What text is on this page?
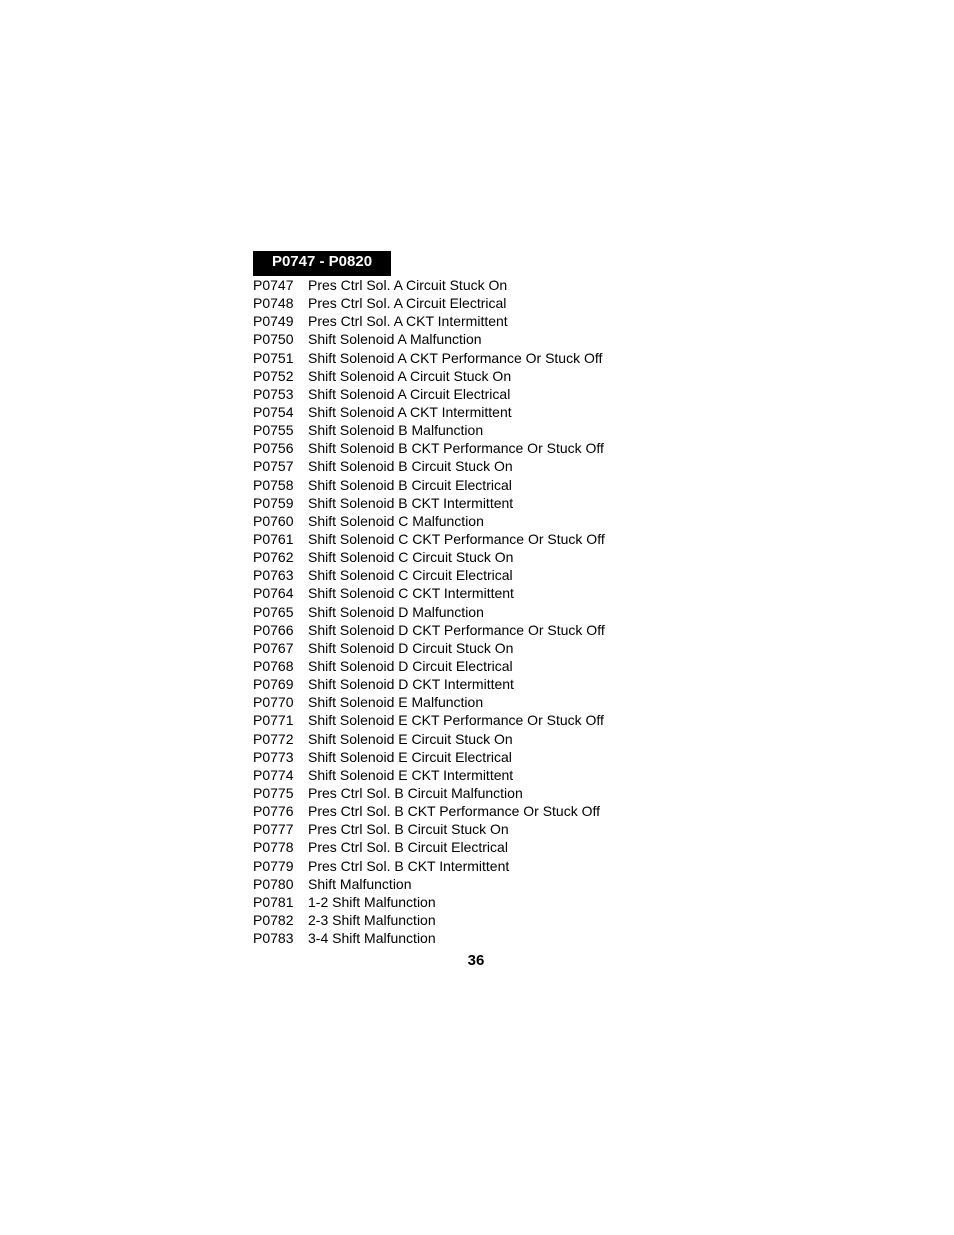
P0747 - P0820
P0747	Pres Ctrl Sol. A Circuit Stuck On
P0748	Pres Ctrl Sol. A Circuit Electrical
P0749	Pres Ctrl Sol. A CKT Intermittent
P0750	Shift Solenoid A Malfunction
P0751	Shift Solenoid A CKT Performance Or Stuck Off
P0752	Shift Solenoid A Circuit Stuck On
P0753	Shift Solenoid A Circuit Electrical
P0754	Shift Solenoid A CKT Intermittent
P0755	Shift Solenoid B Malfunction
P0756	Shift Solenoid B CKT Performance Or Stuck Off
P0757	Shift Solenoid B Circuit Stuck On
P0758	Shift Solenoid B Circuit Electrical
P0759	Shift Solenoid B CKT Intermittent
P0760	Shift Solenoid C Malfunction
P0761	Shift Solenoid C CKT Performance Or Stuck Off
P0762	Shift Solenoid C Circuit Stuck On
P0763	Shift Solenoid C Circuit Electrical
P0764	Shift Solenoid C CKT Intermittent
P0765	Shift Solenoid D Malfunction
P0766	Shift Solenoid D CKT Performance Or Stuck Off
P0767	Shift Solenoid D Circuit Stuck On
P0768	Shift Solenoid D Circuit Electrical
P0769	Shift Solenoid D CKT Intermittent
P0770	Shift Solenoid E Malfunction
P0771	Shift Solenoid E CKT Performance Or Stuck Off
P0772	Shift Solenoid E Circuit Stuck On
P0773	Shift Solenoid E Circuit Electrical
P0774	Shift Solenoid E CKT Intermittent
P0775	Pres Ctrl Sol. B Circuit Malfunction
P0776	Pres Ctrl Sol. B CKT Performance Or Stuck Off
P0777	Pres Ctrl Sol. B Circuit Stuck On
P0778	Pres Ctrl Sol. B Circuit Electrical
P0779	Pres Ctrl Sol. B CKT Intermittent
P0780	Shift Malfunction
P0781	1-2 Shift Malfunction
P0782	2-3 Shift Malfunction
P0783	3-4 Shift Malfunction
36
